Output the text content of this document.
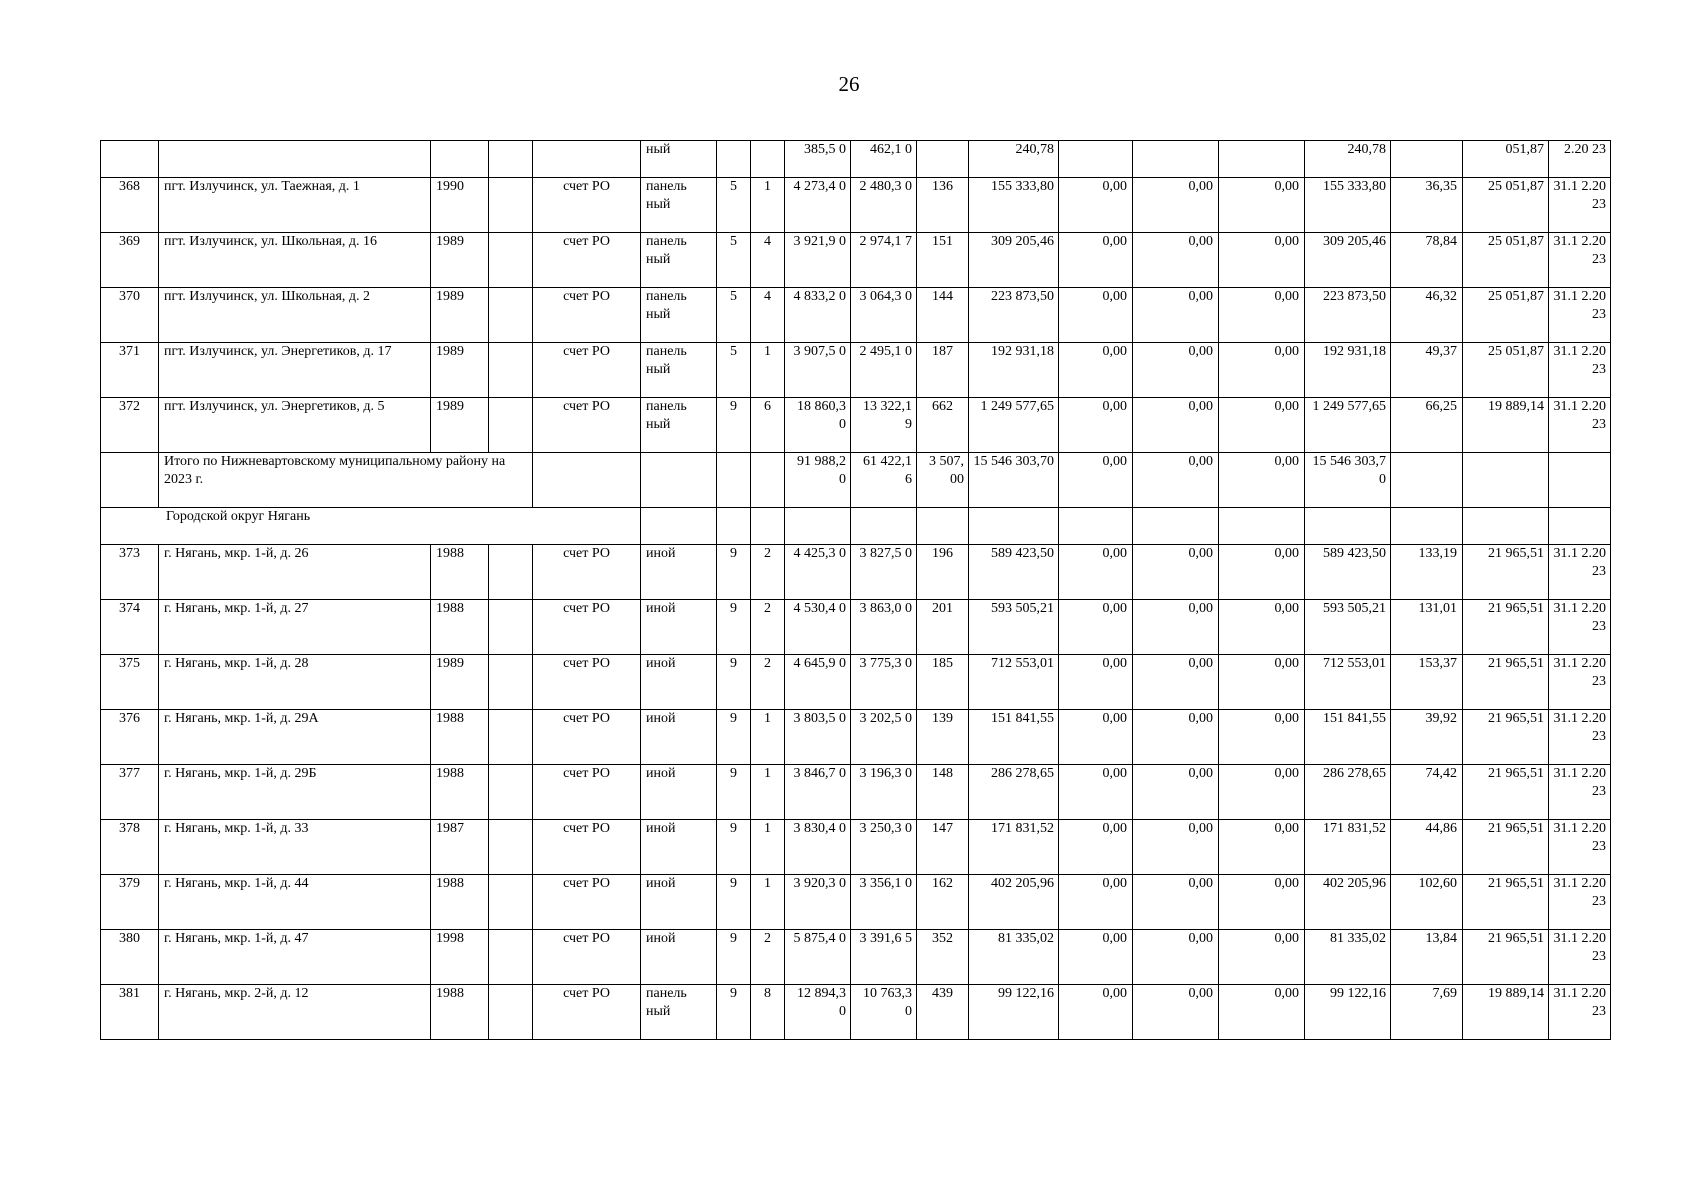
26
					ный			385,5 0	462,1 0		240,78				240,78		051,87	2.20 23
368	пгт. Излучинск, ул. Таежная, д. 1	1990		счет РО	панель ный	5	1	4 273,4 0	2 480,3 0	136	155 333,80	0,00	0,00	0,00	155 333,80	36,35	25 051,87	31.1 2.20 23
369	пгт. Излучинск, ул. Школьная, д. 16	1989		счет РО	панель ный	5	4	3 921,9 0	2 974,1 7	151	309 205,46	0,00	0,00	0,00	309 205,46	78,84	25 051,87	31.1 2.20 23
370	пгт. Излучинск, ул. Школьная, д. 2	1989		счет РО	панель ный	5	4	4 833,2 0	3 064,3 0	144	223 873,50	0,00	0,00	0,00	223 873,50	46,32	25 051,87	31.1 2.20 23
371	пгт. Излучинск, ул. Энергетиков, д. 17	1989		счет РО	панель ный	5	1	3 907,5 0	2 495,1 0	187	192 931,18	0,00	0,00	0,00	192 931,18	49,37	25 051,87	31.1 2.20 23
372	пгт. Излучинск, ул. Энергетиков, д. 5	1989		счет РО	панель ный	9	6	18 860,3 0	13 322,1 9	662	1 249 577,65	0,00	0,00	0,00	1 249 577,65	66,25	19 889,14	31.1 2.20 23
	Итого по Нижневартовскому муниципальному району на 2023 г.							91 988,2 0	61 422,1 6	3 507, 00	15 546 303,70	0,00	0,00	0,00	15 546 303,70			
Городской округ Нягань																		
373	г. Нягань, мкр. 1-й, д. 26	1988		счет РО	иной	9	2	4 425,3 0	3 827,5 0	196	589 423,50	0,00	0,00	0,00	589 423,50	133,19	21 965,51	31.1 2.20 23
374	г. Нягань, мкр. 1-й, д. 27	1988		счет РО	иной	9	2	4 530,4 0	3 863,0 0	201	593 505,21	0,00	0,00	0,00	593 505,21	131,01	21 965,51	31.1 2.20 23
375	г. Нягань, мкр. 1-й, д. 28	1989		счет РО	иной	9	2	4 645,9 0	3 775,3 0	185	712 553,01	0,00	0,00	0,00	712 553,01	153,37	21 965,51	31.1 2.20 23
376	г. Нягань, мкр. 1-й, д. 29А	1988		счет РО	иной	9	1	3 803,5 0	3 202,5 0	139	151 841,55	0,00	0,00	0,00	151 841,55	39,92	21 965,51	31.1 2.20 23
377	г. Нягань, мкр. 1-й, д. 29Б	1988		счет РО	иной	9	1	3 846,7 0	3 196,3 0	148	286 278,65	0,00	0,00	0,00	286 278,65	74,42	21 965,51	31.1 2.20 23
378	г. Нягань, мкр. 1-й, д. 33	1987		счет РО	иной	9	1	3 830,4 0	3 250,3 0	147	171 831,52	0,00	0,00	0,00	171 831,52	44,86	21 965,51	31.1 2.20 23
379	г. Нягань, мкр. 1-й, д. 44	1988		счет РО	иной	9	1	3 920,3 0	3 356,1 0	162	402 205,96	0,00	0,00	0,00	402 205,96	102,60	21 965,51	31.1 2.20 23
380	г. Нягань, мкр. 1-й, д. 47	1998		счет РО	иной	9	2	5 875,4 0	3 391,6 5	352	81 335,02	0,00	0,00	0,00	81 335,02	13,84	21 965,51	31.1 2.20 23
381	г. Нягань, мкр. 2-й, д. 12	1988		счет РО	панель ный	9	8	12 894,3 0	10 763,3 0	439	99 122,16	0,00	0,00	0,00	99 122,16	7,69	19 889,14	31.1 2.20 23
